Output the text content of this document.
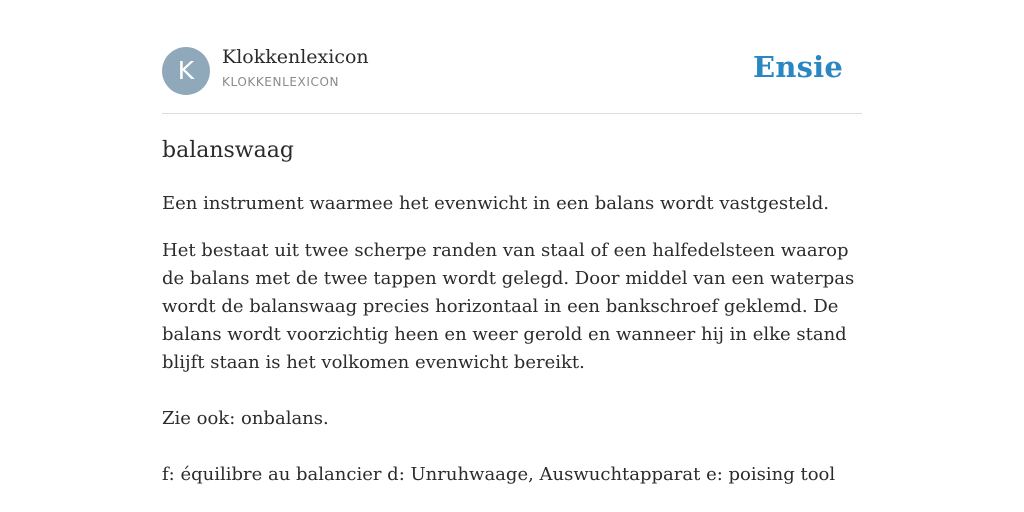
K	Klokkenlexicon
KLOKKENLEXICON	Ensie
balanswaag

Een instrument waarmee het evenwicht in een balans wordt vastgesteld.

Het bestaat uit twee scherpe randen van staal of een halfedelsteen waarop de balans met de twee tappen wordt gelegd. Door middel van een waterpas wordt de balanswaag precies horizontaal in een bankschroef geklemd. De balans wordt voorzichtig heen en weer gerold en wanneer hij in elke stand blijft staan is het volkomen evenwicht bereikt.

Zie ook: onbalans.

f: équilibre au balancier d: Unruhwaage, Auswuchtapparat e: poising tool
